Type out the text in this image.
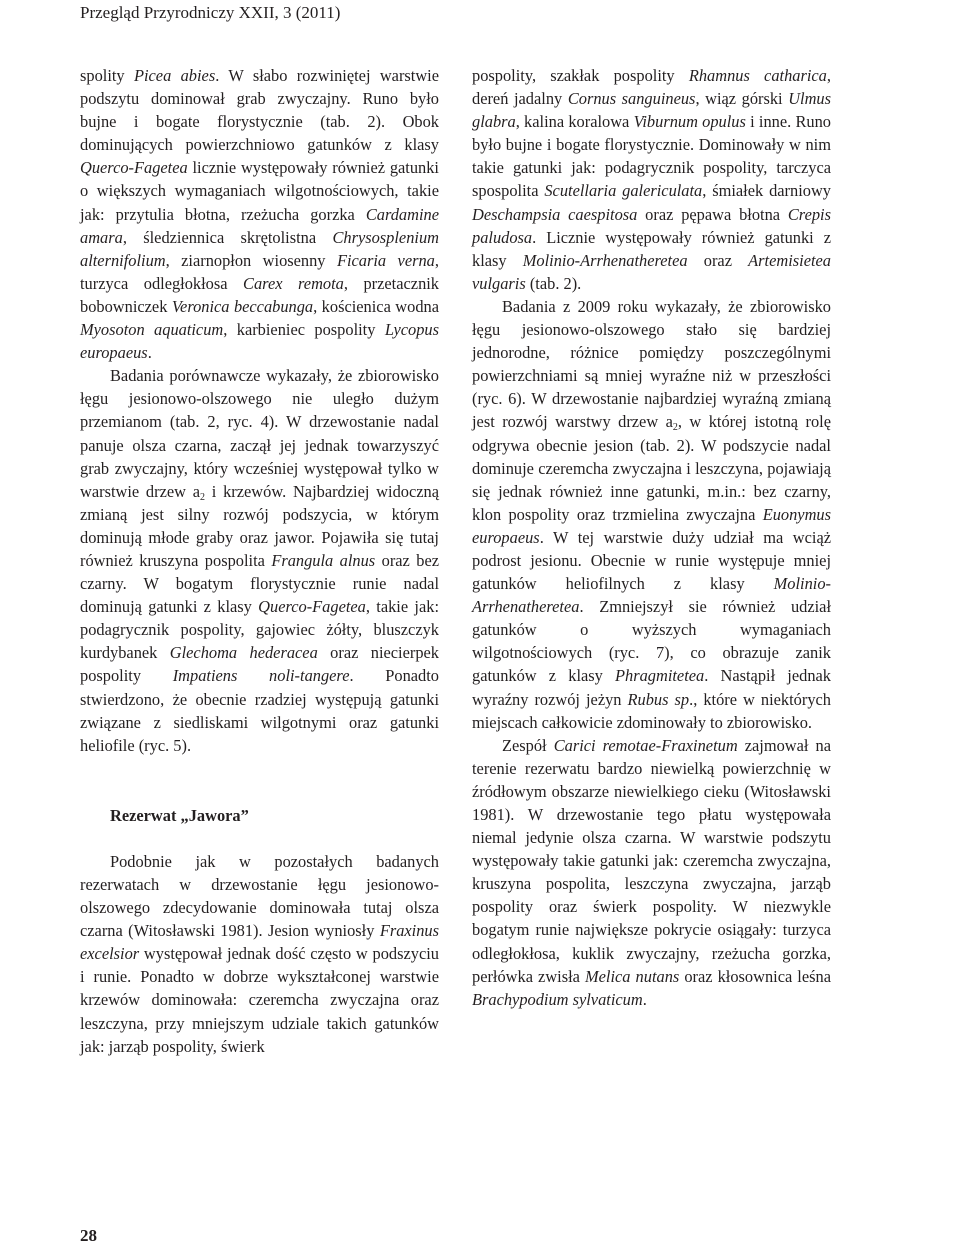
Przegląd Przyrodniczy XXII, 3 (2011)

spolity Picea abies. W słabo rozwiniętej warstwie podszytu dominował grab zwyczajny. Runo było bujne i bogate florystycznie (tab. 2). Obok dominujących powierzchniowo gatunków z klasy Querco-Fagetea licznie występowały również gatunki o większych wymaganiach wilgotnościowych, takie jak: przytulia błotna, rzeżucha gorzka Cardamine amara, śledziennica skrętolistna Chrysosplenium alternifolium, ziarnopłon wiosenny Ficaria verna, turzyca odległokłosa Carex remota, przetacznik bobowniczek Veronica beccabunga, kościenica wodna Myosoton aquaticum, karbieniec pospolity Lycopus europaeus.

Badania porównawcze wykazały, że zbiorowisko łęgu jesionowo-olszowego nie uległo dużym przemianom (tab. 2, ryc. 4). W drzewostanie nadal panuje olsza czarna, zaczął jej jednak towarzyszyć grab zwyczajny, który wcześniej występował tylko w warstwie drzew $a_2$ i krzewów. Najbardziej widoczną zmianą jest silny rozwój podszycia, w którym dominują młode graby oraz jawor. Pojawiła się tutaj również kruszyna pospolita Frangula alnus oraz bez czarny. W bogatym florystycznie runie nadal dominują gatunki z klasy Querco-Fagetea, takie jak: podagrycznik pospolity, gajowiec żółty, bluszczyk kurdybanek Glechoma hederacea oraz niecierpek pospolity Impatiens noli-tangere. Ponadto stwierdzono, że obecnie rzadziej występują gatunki związane z siedliskami wilgotnymi oraz gatunki heliofile (ryc. 5).

Rezerwat „Jawora”

Podobnie jak w pozostałych badanych rezerwatach w drzewostanie łęgu jesionowo-olszowego zdecydowanie dominowała tutaj olsza czarna (Witosławski 1981). Jesion wyniosły Fraxinus excelsior występował jednak dość często w podszyciu i runie. Ponadto w dobrze wykształconej warstwie krzewów dominowała: czeremcha zwyczajna oraz leszczyna, przy mniejszym udziale takich gatunków jak: jarząb pospolity, świerk

pospolity, szakłak pospolity Rhamnus catharica, dereń jadalny Cornus sanguineus, wiąz górski Ulmus glabra, kalina koralowa Viburnum opulus i inne. Runo było bujne i bogate florystycznie. Dominowały w nim takie gatunki jak: podagrycznik pospolity, tarczyca spospolita Scutellaria galericulata, śmiałek darniowy Deschampsia caespitosa oraz pępawa błotna Crepis paludosa. Licznie występowały również gatunki z klasy Molinio-Arrhenatheretea oraz Artemisietea vulgaris (tab. 2).

Badania z 2009 roku wykazały, że zbiorowisko łęgu jesionowo-olszowego stało się bardziej jednorodne, różnice pomiędzy poszczególnymi powierzchniami są mniej wyraźne niż w przeszłości (ryc. 6). W drzewostanie najbardziej wyraźną zmianą jest rozwój warstwy drzew $a_2$, w której istotną rolę odgrywa obecnie jesion (tab. 2). W podszycie nadal dominuje czeremcha zwyczajna i leszczyna, pojawiają się jednak również inne gatunki, m.in.: bez czarny, klon pospolity oraz trzmielina zwyczajna Euonymus europaeus. W tej warstwie duży udział ma wciąż podrost jesionu. Obecnie w runie występuje mniej gatunków heliofilnych z klasy Molinio-Arrhenatheretea. Zmniejszył sie również udział gatunków o wyższych wymaganiach wilgotnościowych (ryc. 7), co obrazuje zanik gatunków z klasy Phragmitetea. Nastąpił jednak wyraźny rozwój jeżyn Rubus sp., które w niektórych miejscach całkowicie zdominowały to zbiorowisko.

Zespół Carici remotae-Fraxinetum zajmował na terenie rezerwatu bardzo niewielką powierzchnię w źródłowym obszarze niewielkiego cieku (Witosławski 1981). W drzewostanie tego płatu występowała niemal jedynie olsza czarna. W warstwie podszytu występowały takie gatunki jak: czeremcha zwyczajna, kruszyna pospolita, leszczyna zwyczajna, jarząb pospolity oraz świerk pospolity. W niezwykle bogatym runie największe pokrycie osiągały: turzyca odległokłosa, kuklik zwyczajny, rzeżucha gorzka, perłówka zwisła Melica nutans oraz kłosownica leśna Brachypodium sylvaticum.

28
